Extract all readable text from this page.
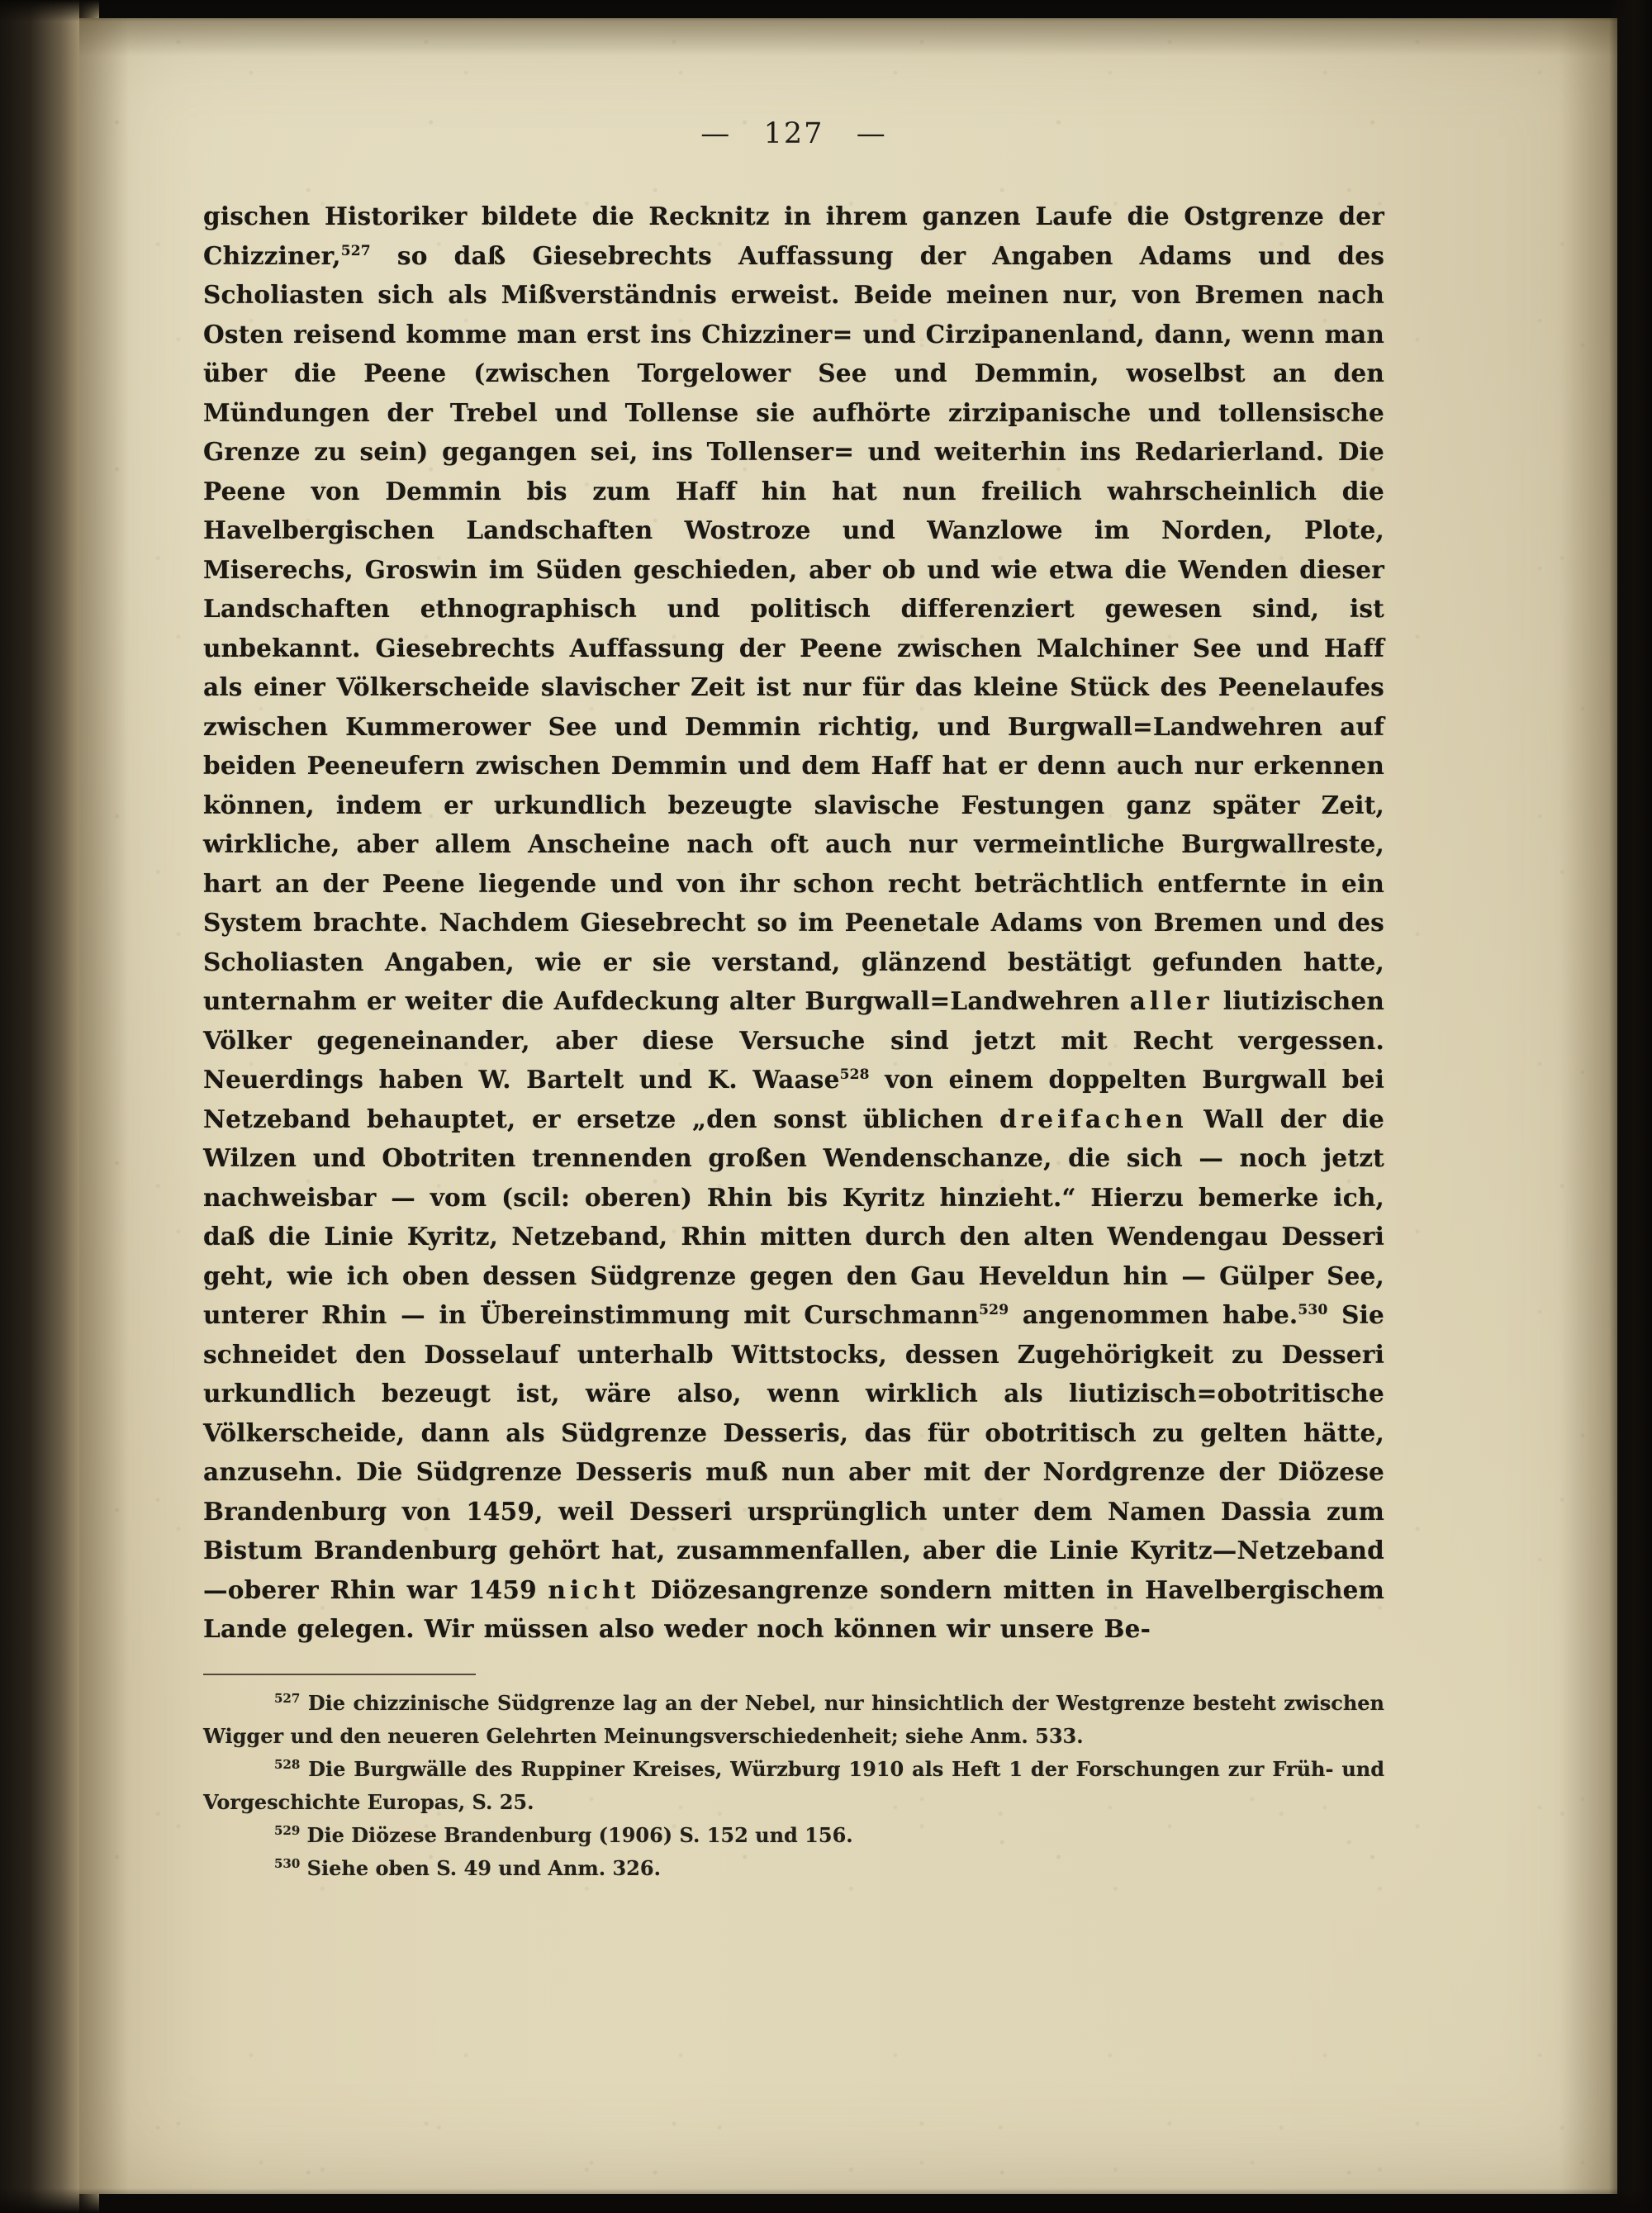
—   127   —
gischen Historiker bildete die Recknitz in ihrem ganzen Laufe die Ostgrenze der Chizziner,$^{527}$ so daß Giesebrechts Auffassung der Angaben Adams und des Scholiasten sich als Mißverständnis erweist. Beide meinen nur, von Bremen nach Osten reisend komme man erst ins Chizziner= und Cirzipanenland, dann, wenn man über die Peene (zwischen Torgelower See und Demmin, woselbst an den Mündungen der Trebel und Tollense sie aufhörte zirzipanische und tollensische Grenze zu sein) gegangen sei, ins Tollenser= und weiterhin ins Redarierland. Die Peene von Demmin bis zum Haff hin hat nun freilich wahrscheinlich die Havelbergischen Landschaften Wostroze und Wanzlowe im Norden, Plote, Miserechs, Groswin im Süden geschieden, aber ob und wie etwa die Wenden dieser Landschaften ethnographisch und politisch differenziert gewesen sind, ist unbekannt. Giesebrechts Auffassung der Peene zwischen Malchiner See und Haff als einer Völkerscheide slavischer Zeit ist nur für das kleine Stück des Peenelaufes zwischen Kummerower See und Demmin richtig, und Burgwall=Landwehren auf beiden Peeneufern zwischen Demmin und dem Haff hat er denn auch nur erkennen können, indem er urkundlich bezeugte slavische Festungen ganz später Zeit, wirkliche, aber allem Anscheine nach oft auch nur vermeintliche Burgwallreste, hart an der Peene liegende und von ihr schon recht beträchtlich entfernte in ein System brachte. Nachdem Giesebrecht so im Peenetale Adams von Bremen und des Scholiasten Angaben, wie er sie verstand, glänzend bestätigt gefunden hatte, unternahm er weiter die Aufdeckung alter Burgwall=Landwehren aller liutizischen Völker gegeneinander, aber diese Versuche sind jetzt mit Recht vergessen. Neuerdings haben W. Bartelt und K. Waase$^{528}$ von einem doppelten Burgwall bei Netzeband behauptet, er ersetze „den sonst üblichen dreifachen Wall der die Wilzen und Obotriten trennenden großen Wendenschanze, die sich — noch jetzt nachweisbar — vom (scil: oberen) Rhin bis Kyritz hinzieht.“ Hierzu bemerke ich, daß die Linie Kyritz, Netzeband, Rhin mitten durch den alten Wendengau Desseri geht, wie ich oben dessen Südgrenze gegen den Gau Heveldun hin — Gülper See, unterer Rhin — in Übereinstimmung mit Curschmann$^{529}$ angenommen habe.$^{530}$ Sie schneidet den Dosselauf unterhalb Wittstocks, dessen Zugehörigkeit zu Desseri urkundlich bezeugt ist, wäre also, wenn wirklich als liutizisch=obotritische Völkerscheide, dann als Südgrenze Desseris, das für obotritisch zu gelten hätte, anzusehn. Die Südgrenze Desseris muß nun aber mit der Nordgrenze der Diözese Brandenburg von 1459, weil Desseri ursprünglich unter dem Namen Dassia zum Bistum Brandenburg gehört hat, zusammenfallen, aber die Linie Kyritz—Netzeband —oberer Rhin war 1459 nicht Diözesangrenze sondern mitten in Havelbergischem Lande gelegen. Wir müssen also weder noch können wir unsere Be-

$^{527}$ Die chizzinische Südgrenze lag an der Nebel, nur hinsichtlich der Westgrenze besteht zwischen Wigger und den neueren Gelehrten Meinungsverschiedenheit; siehe Anm. 533.

$^{528}$ Die Burgwälle des Ruppiner Kreises, Würzburg 1910 als Heft 1 der Forschungen zur Früh- und Vorgeschichte Europas, S. 25.

$^{529}$ Die Diözese Brandenburg (1906) S. 152 und 156.

$^{530}$ Siehe oben S. 49 und Anm. 326.
